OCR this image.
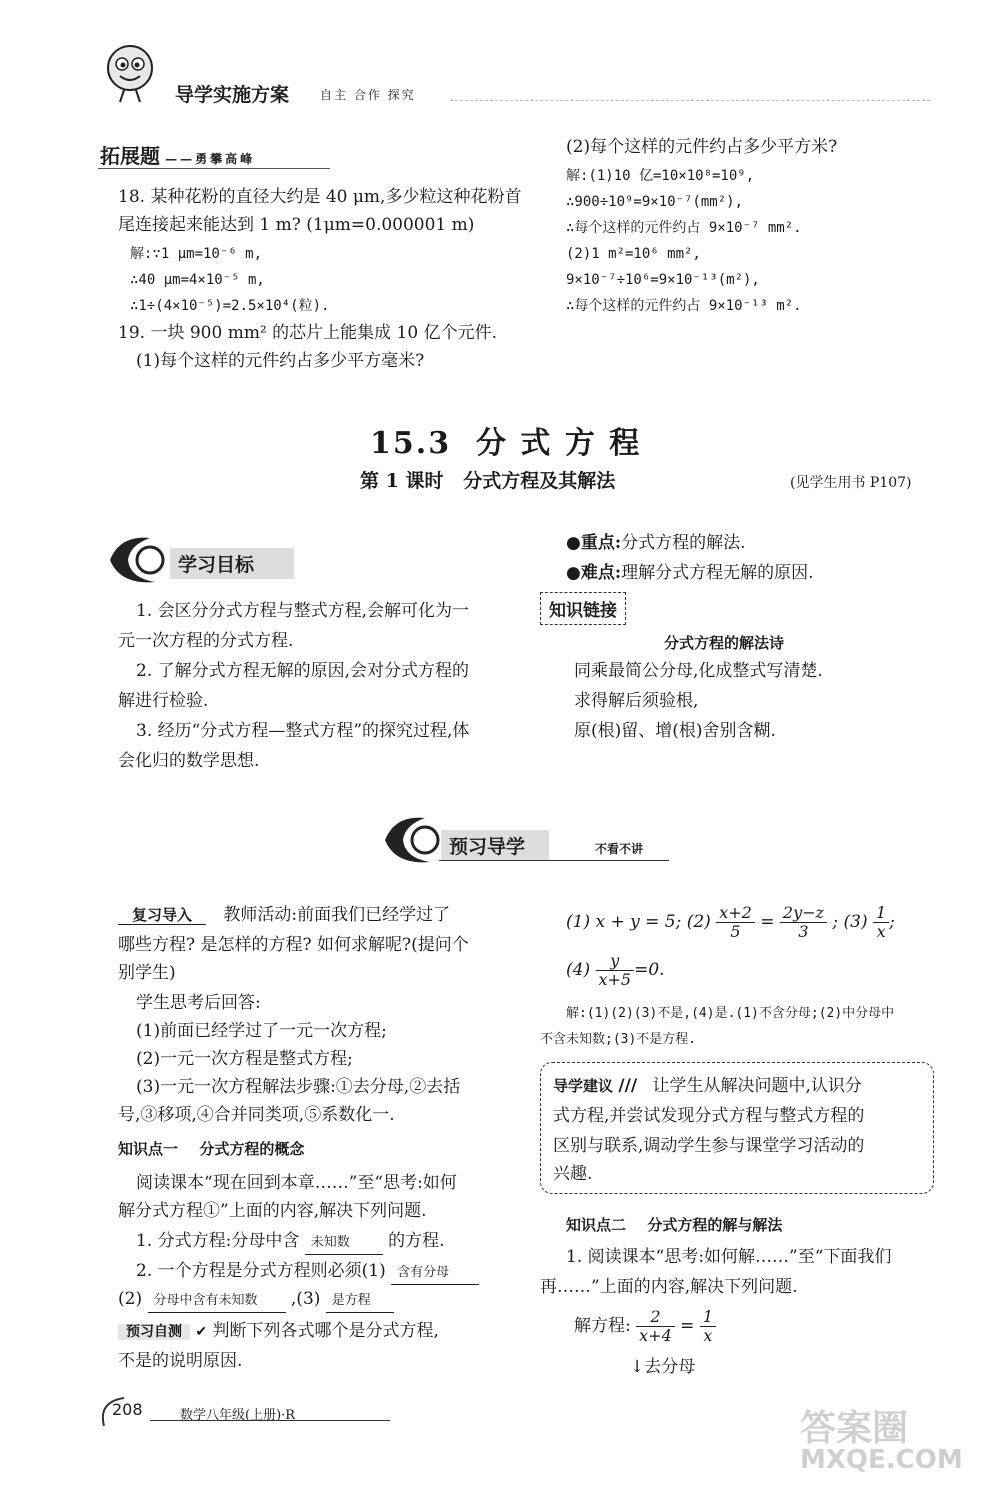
导学实施方案	自主 合作 探究
拓展题 ——勇攀高峰
18. 某种花粉的直径大约是 40 μm,多少粒这种花粉首
尾连接起来能达到 1 m? (1μm=0.000001 m)
解:∵1 μm=10⁻⁶ m,
∴40 μm=4×10⁻⁵ m,
∴1÷(4×10⁻⁵)=2.5×10⁴(粒).
19. 一块 900 mm² 的芯片上能集成 10 亿个元件.
(1)每个这样的元件约占多少平方毫米?
(2)每个这样的元件约占多少平方米?
解:(1)10 亿=10×10⁸=10⁹,
∴900÷10⁹=9×10⁻⁷(mm²),
∴每个这样的元件约占 9×10⁻⁷ mm².
(2)1 m²=10⁶ mm²,
9×10⁻⁷÷10⁶=9×10⁻¹³(m²),
∴每个这样的元件约占 9×10⁻¹³ m².
15.3  分 式 方 程
第 1 课时   分式方程及其解法	(见学生用书 P107)
学习目标
1. 会区分分式方程与整式方程,会解可化为一
元一次方程的分式方程.
2. 了解分式方程无解的原因,会对分式方程的
解进行检验.
3. 经历“分式方程—整式方程”的探究过程,体
会化归的数学思想.
●重点:分式方程的解法.
●难点:理解分式方程无解的原因.
知识链接
分式方程的解法诗
同乘最简公分母,化成整式写清楚.
求得解后须验根,
原(根)留、增(根)舍别含糊.
预习导学	不看不讲
复习导入 教师活动:前面我们已经学过了
哪些方程? 是怎样的方程? 如何求解呢?(提问个
别学生)
学生思考后回答:
(1)前面已经学过了一元一次方程;
(2)一元一次方程是整式方程;
(3)一元一次方程解法步骤:①去分母,②去括
号,③移项,④合并同类项,⑤系数化一.
知识点一 分式方程的概念
阅读课本“现在回到本章……”至“思考:如何
解分式方程①”上面的内容,解决下列问题.
1. 分式方程:分母中含 未知数 的方程.
2. 一个方程是分式方程则必须(1) 含有分母
(2) 分母中含有未知数 ,(3) 是方程
预习自测 ✔ 判断下列各式哪个是分式方程,
不是的说明原因.
(1) x + y = 5; $(2) \frac{x+2}{5} = \frac{2y-z}{3}$ ; $(3) \frac{1}{x}$ ;
$(4) \frac{y}{x+5} =0$.
解:(1)(2)(3)不是,(4)是.(1)不含分母;(2)中分母中
不含未知数;(3)不是方程.
导学建议 /// 让学生从解决问题中,认识分
式方程,并尝试发现分式方程与整式方程的
区别与联系,调动学生参与课堂学习活动的
兴趣.
知识点二 分式方程的解与解法
1. 阅读课本“思考:如何解……”至“下面我们
再……”上面的内容,解决下列问题.
解方程: $\frac{2}{x+4} = \frac{1}{x}$
↓去分母
208	数学八年级(上册)·R	答案圈
MXQE.COM
